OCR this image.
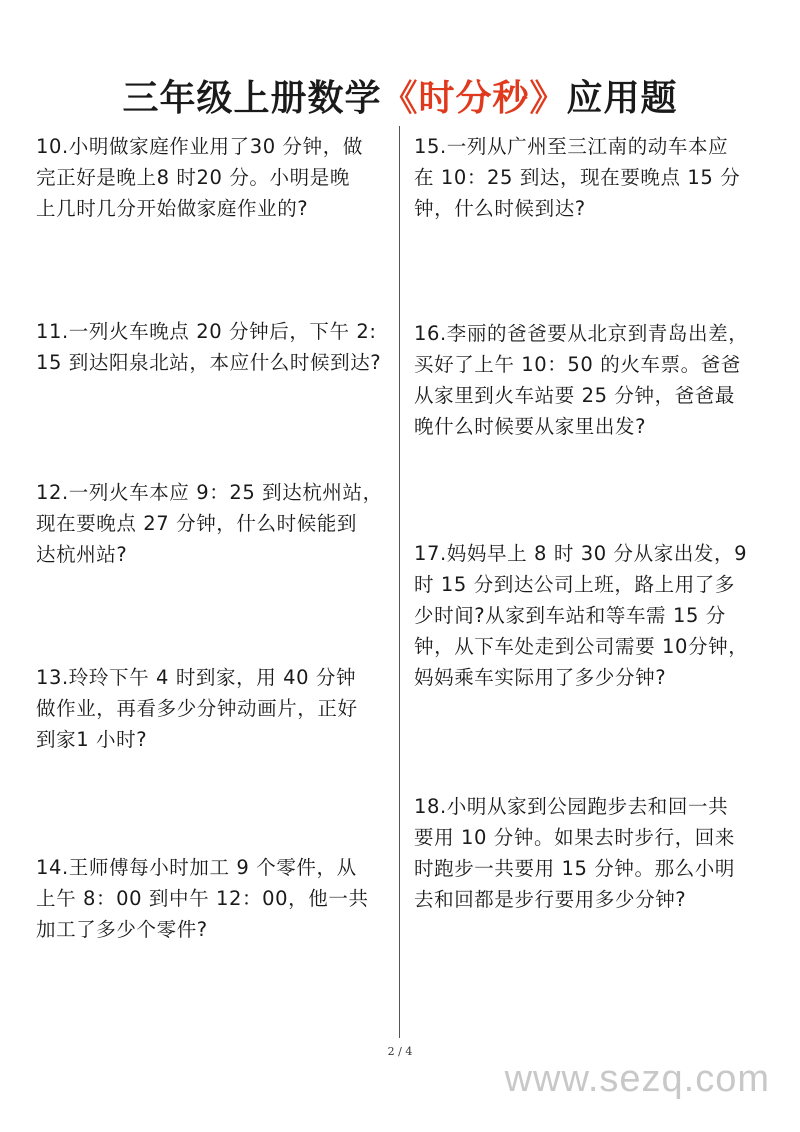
三年级上册数学《时分秒》应用题
10.小明做家庭作业用了30 分钟，做
完正好是晚上8 时20 分。小明是晚
上几时几分开始做家庭作业的?
11.一列火车晚点 20 分钟后，下午 2:
15 到达阳泉北站，本应什么时候到达?
12.一列火车本应 9：25 到达杭州站，
现在要晚点 27 分钟，什么时候能到
达杭州站?
13.玲玲下午 4 时到家，用 40 分钟
做作业，再看多少分钟动画片，正好
到家1 小时?
14.王师傅每小时加工 9 个零件，从
上午 8：00 到中午 12：00，他一共
加工了多少个零件?
15.一列从广州至三江南的动车本应
在 10：25 到达，现在要晚点 15 分
钟，什么时候到达?
16.李丽的爸爸要从北京到青岛出差，
买好了上午 10：50 的火车票。爸爸
从家里到火车站要 25 分钟，爸爸最
晚什么时候要从家里出发?
17.妈妈早上 8 时 30 分从家出发，9
时 15 分到达公司上班，路上用了多
少时间?从家到车站和等车需 15 分
钟，从下车处走到公司需要 10分钟，
妈妈乘车实际用了多少分钟?
18.小明从家到公园跑步去和回一共
要用 10 分钟。如果去时步行，回来
时跑步一共要用 15 分钟。那么小明
去和回都是步行要用多少分钟?
2 / 4
www.sezq.com
